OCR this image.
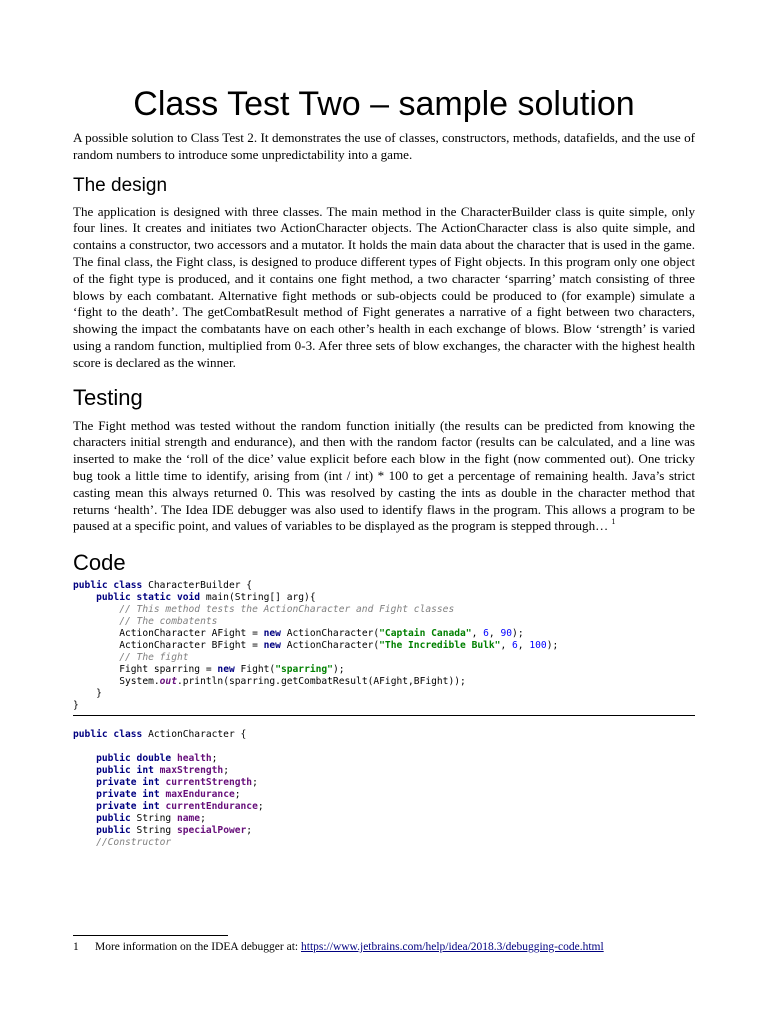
Class Test Two – sample solution

A possible solution to Class Test 2. It demonstrates the use of classes, constructors, methods, datafields, and the use of random numbers to introduce some unpredictability into a game.

The design

The application is designed with three classes. The main method in the CharacterBuilder class is quite simple, only four lines. It creates and initiates two ActionCharacter objects. The ActionCharacter class is also quite simple, and contains a constructor, two accessors and a mutator. It holds the main data about the character that is used in the game. The final class, the Fight class, is designed to produce different types of Fight objects. In this program only one object of the fight type is produced, and it contains one fight method, a two character ‘sparring’ match consisting of three blows by each combatant. Alternative fight methods or sub-objects could be produced to (for example) simulate a ‘fight to the death’. The getCombatResult method of Fight generates a narrative of a fight between two characters, showing the impact the combatants have on each other’s health in each exchange of blows. Blow ‘strength’ is varied using a random function, multiplied from 0-3. Afer three sets of blow exchanges, the character with the highest health score is declared as the winner.

Testing

The Fight method was tested without the random function initially (the results can be predicted from knowing the characters initial strength and endurance), and then with the random factor (results can be calculated, and a line was inserted to make the ‘roll of the dice’ value explicit before each blow in the fight (now commented out). One tricky bug took a little time to identify, arising from (int / int) * 100 to get a percentage of remaining health. Java’s strict casting mean this always returned 0. This was resolved by casting the ints as double in the character method that returns ‘health’. The Idea IDE debugger was also used to identify flaws in the program. This allows a program to be paused at a specific point, and values of variables to be displayed as the program is stepped through… $^1$

Code
public class CharacterBuilder {
public static void main(String[] arg){
// This method tests the ActionCharacter and Fight classes
// The combatents
ActionCharacter AFight = new ActionCharacter("Captain Canada", 6, 90);
ActionCharacter BFight = new ActionCharacter("The Incredible Bulk", 6, 100);
// The fight
Fight sparring = new Fight("sparring");
System.out.println(sparring.getCombatResult(AFight,BFight));
}
}
public class ActionCharacter {

public double health;
public int maxStrength;
private int currentStrength;
private int maxEndurance;
private int currentEndurance;
public String name;
public String specialPower;
//Constructor
1 More information on the IDEA debugger at: https://www.jetbrains.com/help/idea/2018.3/debugging-code.html
